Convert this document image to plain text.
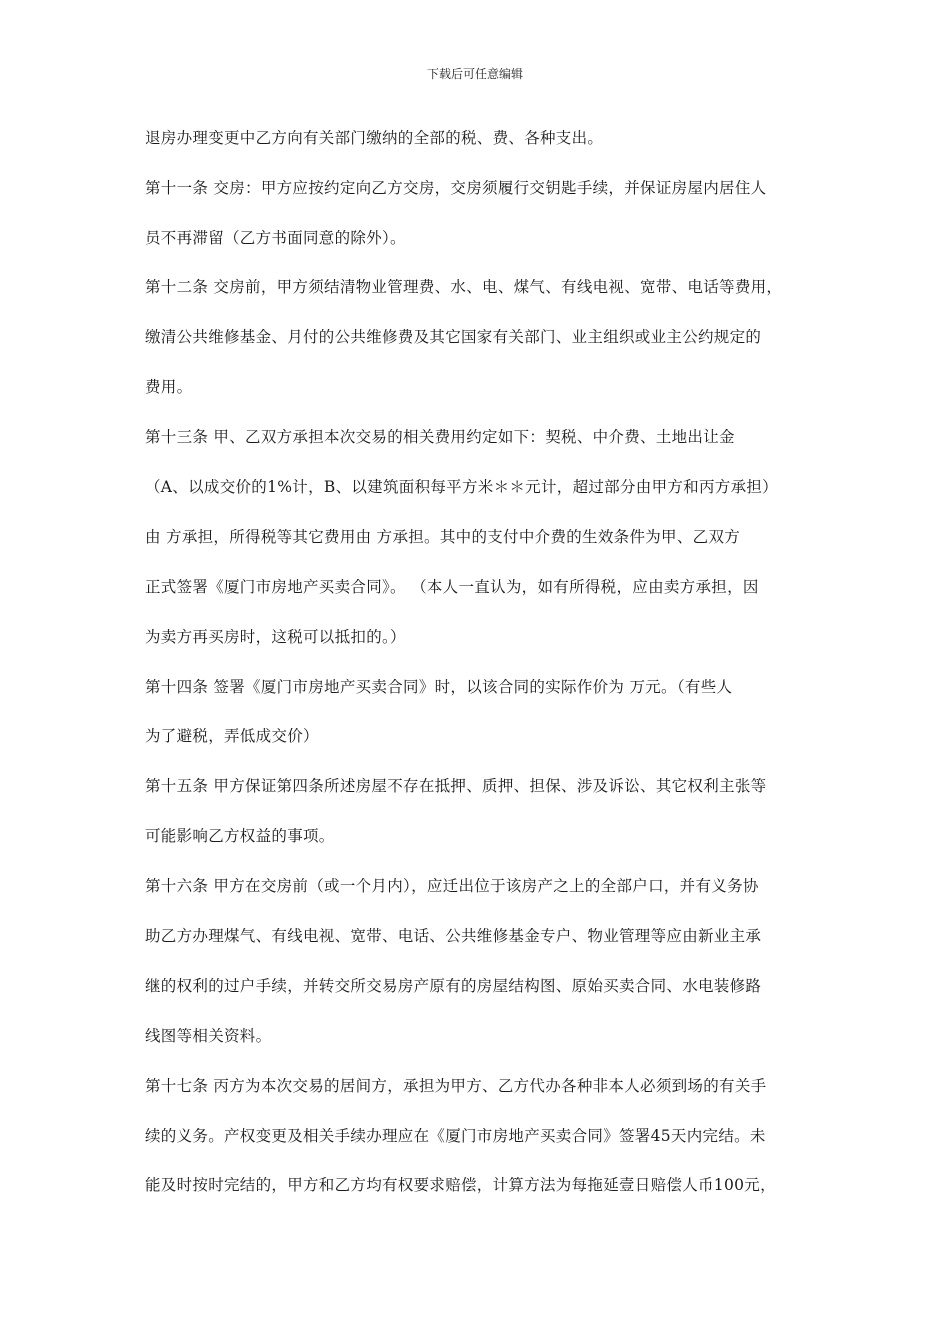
下载后可任意编辑
退房办理变更中乙方向有关部门缴纳的全部的税、费、各种支出。
第十一条 交房：甲方应按约定向乙方交房，交房须履行交钥匙手续，并保证房屋内居住人
员不再滞留（乙方书面同意的除外）。
第十二条 交房前，甲方须结清物业管理费、水、电、煤气、有线电视、宽带、电话等费用，
缴清公共维修基金、月付的公共维修费及其它国家有关部门、业主组织或业主公约规定的
费用。
第十三条 甲、乙双方承担本次交易的相关费用约定如下：契税、中介费、土地出让金
（A、以成交价的1%计，B、以建筑面积每平方米＊＊元计，超过部分由甲方和丙方承担）
由 方承担，所得税等其它费用由 方承担。其中的支付中介费的生效条件为甲、乙双方
正式签署《厦门市房地产买卖合同》。 （本人一直认为，如有所得税，应由卖方承担，因
为卖方再买房时，这税可以抵扣的。）
第十四条 签署《厦门市房地产买卖合同》时，以该合同的实际作价为 万元。（有些人
为了避税，弄低成交价）
第十五条 甲方保证第四条所述房屋不存在抵押、质押、担保、涉及诉讼、其它权利主张等
可能影响乙方权益的事项。
第十六条 甲方在交房前（或一个月内），应迁出位于该房产之上的全部户口，并有义务协
助乙方办理煤气、有线电视、宽带、电话、公共维修基金专户、物业管理等应由新业主承
继的权利的过户手续，并转交所交易房产原有的房屋结构图、原始买卖合同、水电装修路
线图等相关资料。
第十七条 丙方为本次交易的居间方，承担为甲方、乙方代办各种非本人必须到场的有关手
续的义务。产权变更及相关手续办理应在《厦门市房地产买卖合同》签署45天内完结。未
能及时按时完结的，甲方和乙方均有权要求赔偿，计算方法为每拖延壹日赔偿人币100元，
